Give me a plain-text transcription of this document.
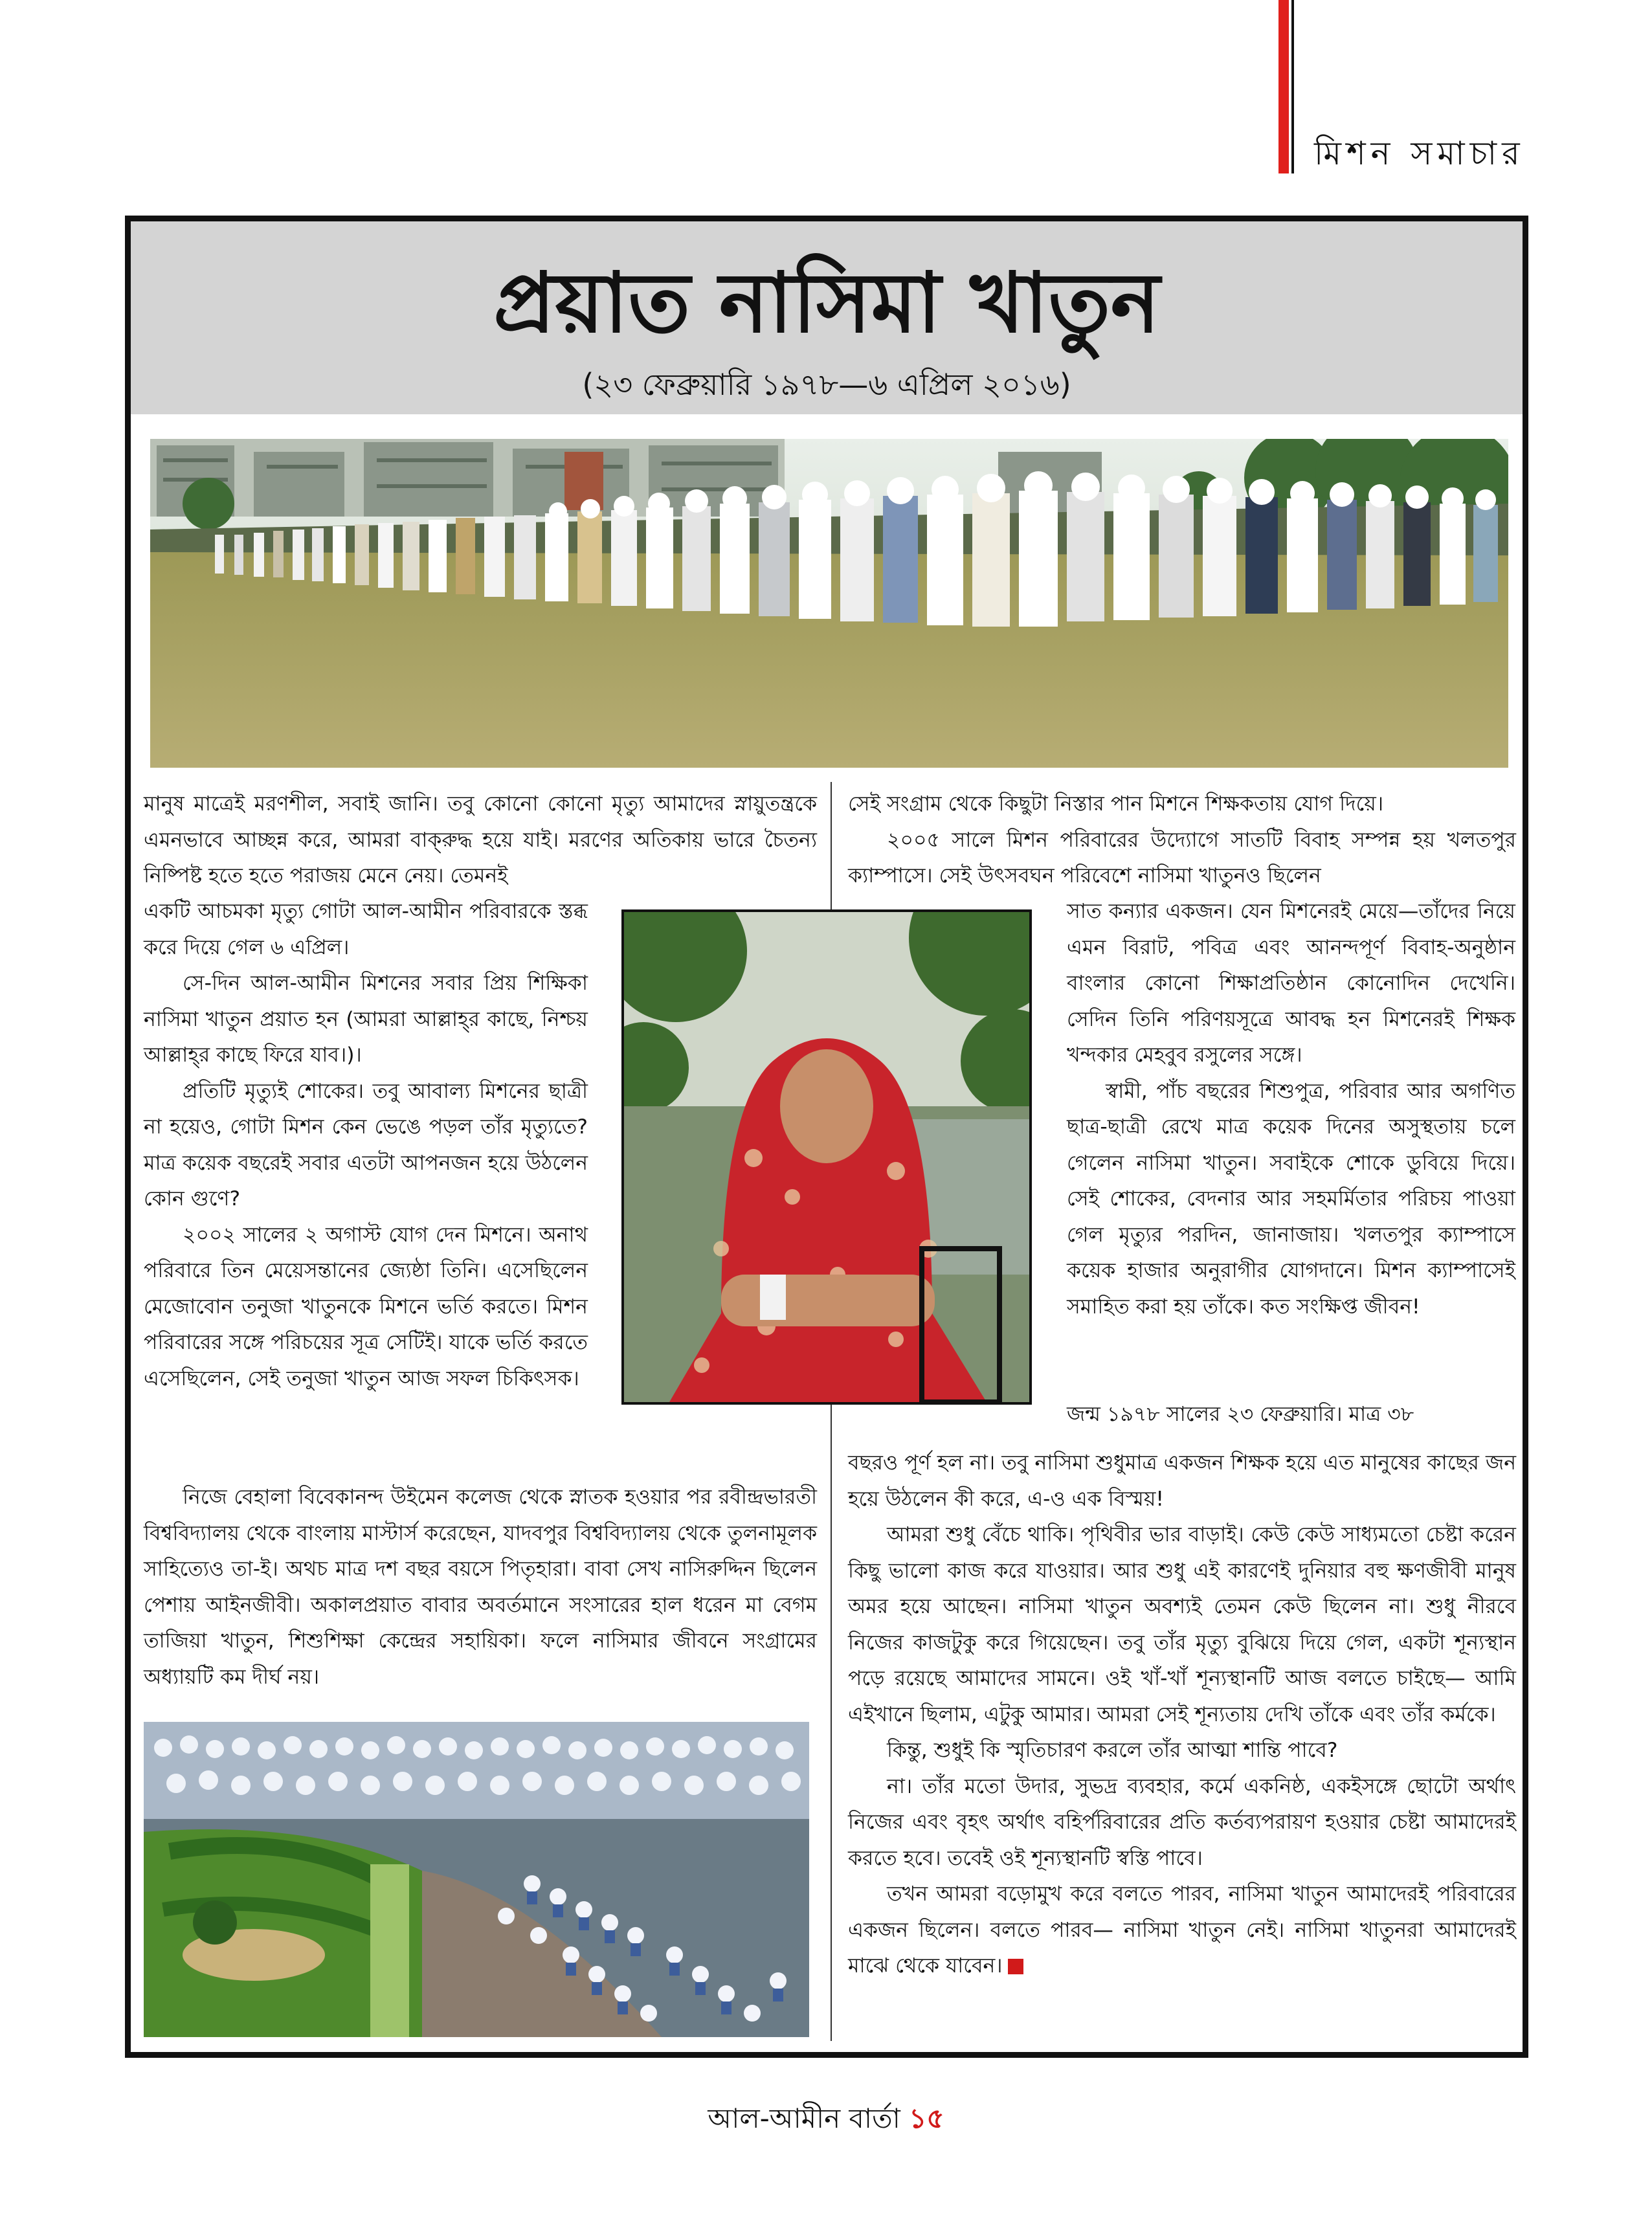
মিশন সমাচার
প্রয়াত নাসিমা খাতুন
(২৩ ফেব্রুয়ারি ১৯৭৮—৬ এপ্রিল ২০১৬)

মানুষ মাত্রেই মরণশীল, সবাই জানি। তবু কোনো কোনো মৃত্যু আমাদের স্নায়ুতন্ত্রকে এমনভাবে আচ্ছন্ন করে, আমরা বাক্‌রুদ্ধ হয়ে যাই। মরণের অতিকায় ভারে চৈতন্য নিষ্পিষ্ট হতে হতে পরাজয় মেনে নেয়। তেমনই

একটি আচমকা মৃত্যু গোটা আল-আমীন পরিবারকে স্তব্ধ করে দিয়ে গেল ৬ এপ্রিল।

সে-দিন আল-আমীন মিশনের সবার প্রিয় শিক্ষিকা নাসিমা খাতুন প্রয়াত হন (আমরা আল্লাহ্‌র কাছে, নিশ্চয় আল্লাহ্‌র কাছে ফিরে যাব।)।

প্রতিটি মৃত্যুই শোকের। তবু আবাল্য মিশনের ছাত্রী না হয়েও, গোটা মিশন কেন ভেঙে পড়ল তাঁর মৃত্যুতে? মাত্র কয়েক বছরেই সবার এতটা আপনজন হয়ে উঠলেন কোন গুণে?

২০০২ সালের ২ অগাস্ট যোগ দেন মিশনে। অনাথ পরিবারে তিন মেয়েসন্তানের জ্যেষ্ঠা তিনি। এসেছিলেন মেজোবোন তনুজা খাতুনকে মিশনে ভর্তি করতে। মিশন পরিবারের সঙ্গে পরিচয়ের সূত্র সেটিই। যাকে ভর্তি করতে এসেছিলেন, সেই তনুজা খাতুন আজ সফল চিকিৎসক।

নিজে বেহালা বিবেকানন্দ উইমেন কলেজ থেকে স্নাতক হওয়ার পর রবীন্দ্রভারতী বিশ্ববিদ্যালয় থেকে বাংলায় মাস্টার্স করেছেন, যাদবপুর বিশ্ববিদ্যালয় থেকে তুলনামূলক সাহিত্যেও তা-ই। অথচ মাত্র দশ বছর বয়সে পিতৃহারা। বাবা সেখ নাসিরুদ্দিন ছিলেন পেশায় আইনজীবী। অকালপ্রয়াত বাবার অবর্তমানে সংসারের হাল ধরেন মা বেগম তাজিয়া খাতুন, শিশুশিক্ষা কেন্দ্রের সহায়িকা। ফলে নাসিমার জীবনে সংগ্রামের অধ্যায়টি কম দীর্ঘ নয়।

সেই সংগ্রাম থেকে কিছুটা নিস্তার পান মিশনে শিক্ষকতায় যোগ দিয়ে।

২০০৫ সালে মিশন পরিবারের উদ্যোগে সাতটি বিবাহ সম্পন্ন হয় খলতপুর ক্যাম্পাসে। সেই উৎসবঘন পরিবেশে নাসিমা খাতুনও ছিলেন

সাত কন্যার একজন। যেন মিশনেরই মেয়ে—তাঁদের নিয়ে এমন বিরাট, পবিত্র এবং আনন্দপূর্ণ বিবাহ-অনুষ্ঠান বাংলার কোনো শিক্ষাপ্রতিষ্ঠান কোনোদিন দেখেনি। সেদিন তিনি পরিণয়সূত্রে আবদ্ধ হন মিশনেরই শিক্ষক খন্দকার মেহবুব রসুলের সঙ্গে।

স্বামী, পাঁচ বছরের শিশুপুত্র, পরিবার আর অগণিত ছাত্র-ছাত্রী রেখে মাত্র কয়েক দিনের অসুস্থতায় চলে গেলেন নাসিমা খাতুন। সবাইকে শোকে ডুবিয়ে দিয়ে। সেই শোকের, বেদনার আর সহমর্মিতার পরিচয় পাওয়া গেল মৃত্যুর পরদিন, জানাজায়। খলতপুর ক্যাম্পাসে কয়েক হাজার অনুরাগীর যোগদানে। মিশন ক্যাম্পাসেই সমাহিত করা হয় তাঁকে। কত সংক্ষিপ্ত জীবন!

জন্ম ১৯৭৮ সালের ২৩ ফেব্রুয়ারি। মাত্র ৩৮

বছরও পূর্ণ হল না। তবু নাসিমা শুধুমাত্র একজন শিক্ষক হয়ে এত মানুষের কাছের জন হয়ে উঠলেন কী করে, এ-ও এক বিস্ময়!

আমরা শুধু বেঁচে থাকি। পৃথিবীর ভার বাড়াই। কেউ কেউ সাধ্যমতো চেষ্টা করেন কিছু ভালো কাজ করে যাওয়ার। আর শুধু এই কারণেই দুনিয়ার বহু ক্ষণজীবী মানুষ অমর হয়ে আছেন। নাসিমা খাতুন অবশ্যই তেমন কেউ ছিলেন না। শুধু নীরবে নিজের কাজটুকু করে গিয়েছেন। তবু তাঁর মৃত্যু বুঝিয়ে দিয়ে গেল, একটা শূন্যস্থান পড়ে রয়েছে আমাদের সামনে। ওই খাঁ-খাঁ শূন্যস্থানটি আজ বলতে চাইছে— আমি এইখানে ছিলাম, এটুকু আমার। আমরা সেই শূন্যতায় দেখি তাঁকে এবং তাঁর কর্মকে।

কিন্তু, শুধুই কি স্মৃতিচারণ করলে তাঁর আত্মা শান্তি পাবে?

না। তাঁর মতো উদার, সুভদ্র ব্যবহার, কর্মে একনিষ্ঠ, একইসঙ্গে ছোটো অর্থাৎ নিজের এবং বৃহৎ অর্থাৎ বহির্পরিবারের প্রতি কর্তব্যপরায়ণ হওয়ার চেষ্টা আমাদেরই করতে হবে। তবেই ওই শূন্যস্থানটি স্বস্তি পাবে।

তখন আমরা বড়োমুখ করে বলতে পারব, নাসিমা খাতুন আমাদেরই পরিবারের একজন ছিলেন। বলতে পারব— নাসিমা খাতুন নেই। নাসিমা খাতুনরা আমাদেরই মাঝে থেকে যাবেন।

আল-আমীন বার্তা ১৫
